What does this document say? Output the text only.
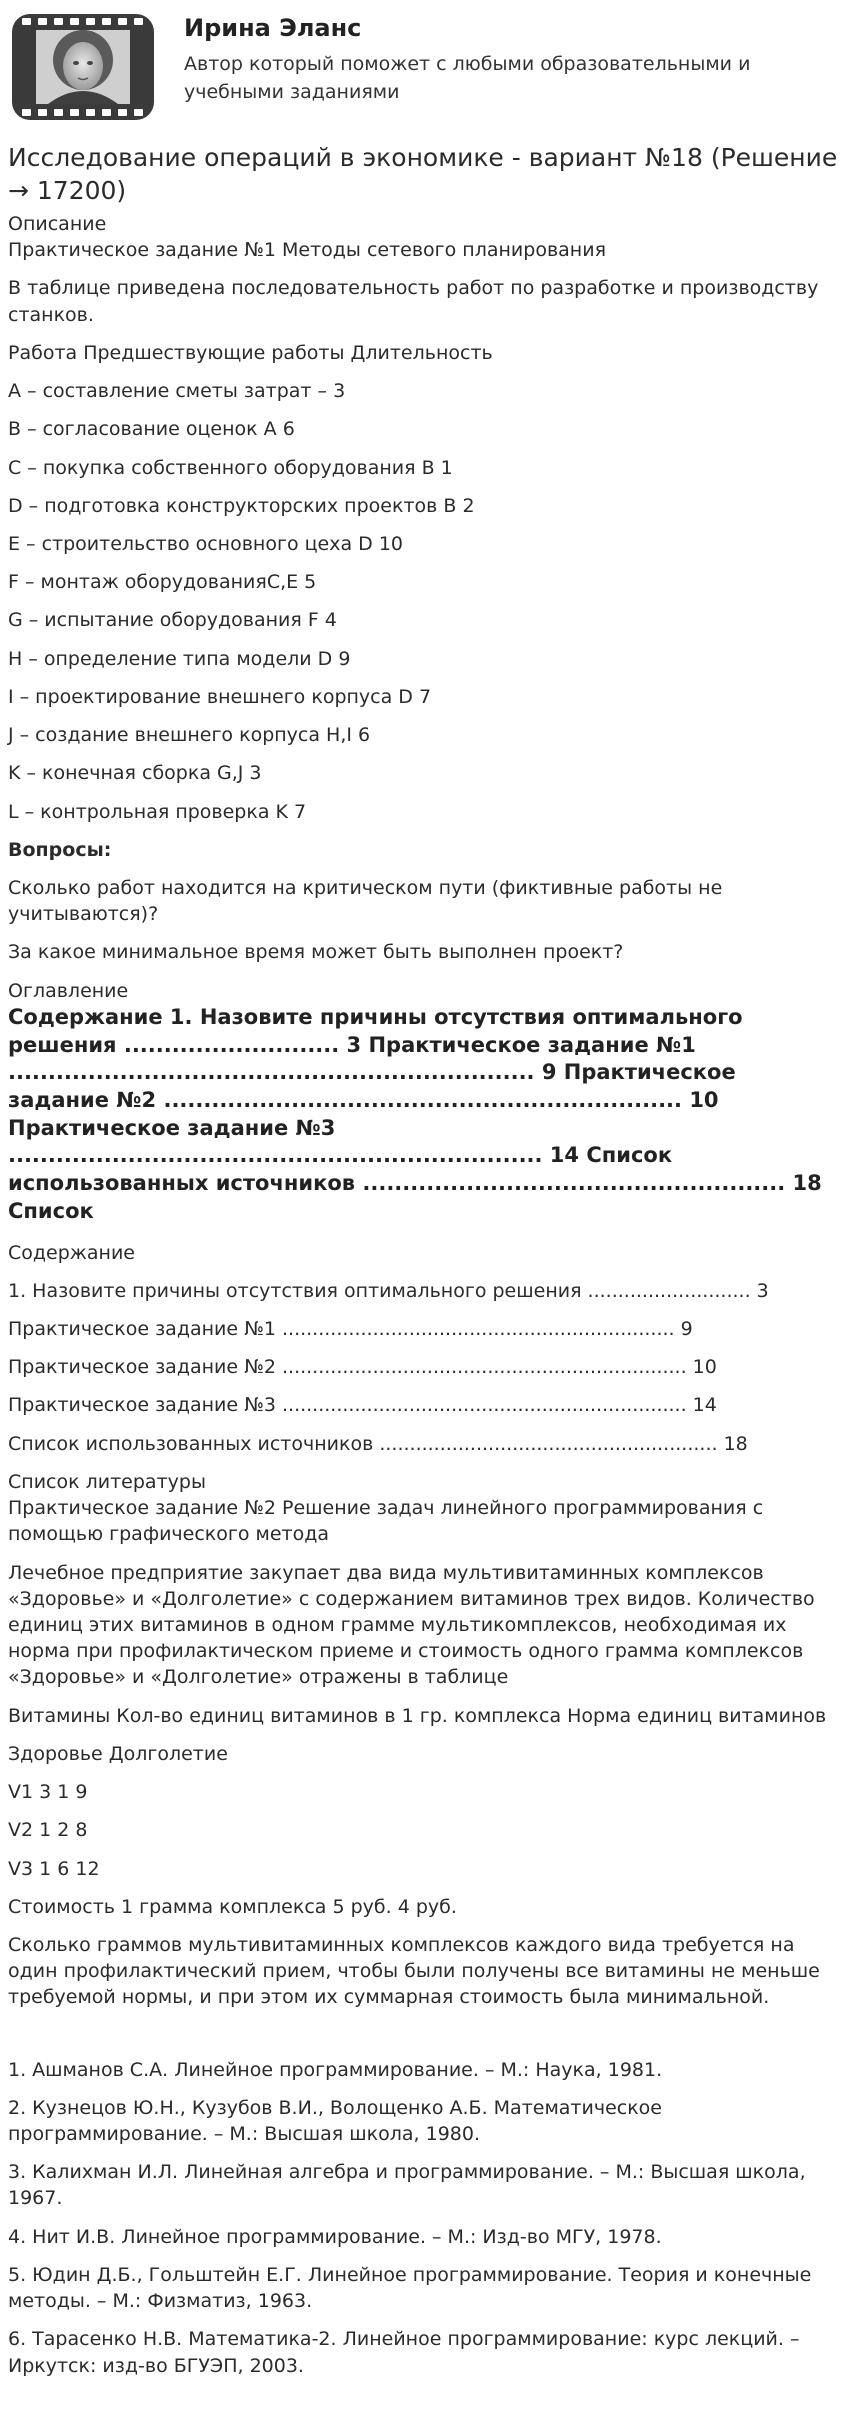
Ирина Эланс

Автор который поможет с любыми образовательными и учебными заданиями

Исследование операций в экономике - вариант №18 (Решение → 17200)
Описание
Практическое задание №1 Методы сетевого планирования

В таблице приведена последовательность работ по разработке и производству станков.

Работа Предшествующие работы Длительность

А – составление сметы затрат – 3

В – согласование оценок А 6

С – покупка собственного оборудования В 1

D – подготовка конструкторских проектов В 2

Е – строительство основного цеха D 10

F – монтаж оборудованияС,Е 5

G – испытание оборудования F 4

Н – определение типа модели D 9

I – проектирование внешнего корпуса D 7

J – создание внешнего корпуса Н,I 6

K – конечная сборка G,J 3

L – контрольная проверка K 7

Вопросы:

Сколько работ находится на критическом пути (фиктивные работы не учитываются)?

За какое минимальное время может быть выполнен проект?

Оглавление
Содержание 1. Назовите причины отсутствия оптимального решения ........................... 3 Практическое задание №1 .................................................................. 9 Практическое задание №2 ................................................................. 10 Практическое задание №3 ................................................................... 14 Список использованных источников ..................................................... 18 Список

Содержание

1. Назовите причины отсутствия оптимального решения ........................... 3

Практическое задание №1 ................................................................. 9

Практическое задание №2 ................................................................... 10

Практическое задание №3 ................................................................... 14

Список использованных источников ........................................................ 18

Список литературы
Практическое задание №2 Решение задач линейного программирования с помощью графического метода

Лечебное предприятие закупает два вида мультивитаминных комплексов «Здоровье» и «Долголетие» с содержанием витаминов трех видов. Количество единиц этих витаминов в одном грамме мультикомплексов, необходимая их норма при профилактическом приеме и стоимость одного грамма комплексов «Здоровье» и «Долголетие» отражены в таблице

Витамины Кол-во единиц витаминов в 1 гр. комплекса Норма единиц витаминов

Здоровье Долголетие

V1 3 1 9

V2 1 2 8

V3 1 6 12

Стоимость 1 грамма комплекса 5 руб. 4 руб.

Сколько граммов мультивитаминных комплексов каждого вида требуется на один профилактический прием, чтобы были получены все витамины не меньше требуемой нормы, и при этом их суммарная стоимость была минимальной.

1. Ашманов С.А. Линейное программирование. – М.: Наука, 1981.

2. Кузнецов Ю.Н., Кузубов В.И., Волощенко А.Б. Математическое программирование. – М.: Высшая школа, 1980.

3. Калихман И.Л. Линейная алгебра и программирование. – М.: Высшая школа, 1967.

4. Нит И.В. Линейное программирование. – М.: Изд-во МГУ, 1978.

5. Юдин Д.Б., Гольштейн Е.Г. Линейное программирование. Теория и конечные методы. – М.: Физматиз, 1963.

6. Тарасенко Н.В. Математика-2. Линейное программирование: курс лекций. – Иркутск: изд-во БГУЭП, 2003.
